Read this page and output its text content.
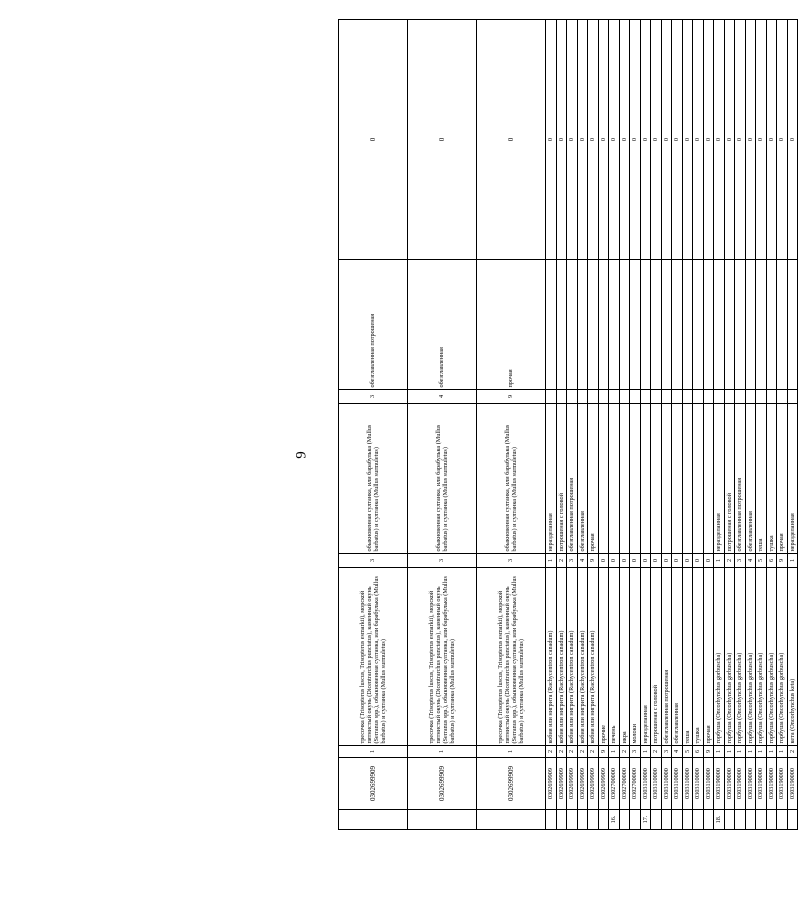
9
	0302699909	1	тресочка (Trisopterus luscus, Trisopterus esmarkii), морской пятнистый окунь (Dicentrarchus punctatus), каменный окунь (Serranus spp.), обыкновенная султанка, или барабулька (Mullus barbatus) и султанка (Mullus surmuletus)	3	обыкновенная султанка, или барабулька (Mullus barbatus) и султанка (Mullus surmuletus)	3	обезглавленная потрошеная	0
	0302699909	1	тресочка (Trisopterus luscus, Trisopterus esmarkii), морской пятнистый окунь (Dicentrarchus punctatus), каменный окунь (Serranus spp.), обыкновенная султанка, или барабулька (Mullus barbatus) и султанка (Mullus surmuletus)	3	обыкновенная султанка, или барабулька (Mullus barbatus) и султанка (Mullus surmuletus)	4	обезглавленная	0
	0302699909	1	тресочка (Trisopterus luscus, Trisopterus esmarkii), морской пятнистый окунь (Dicentrarchus punctatus), каменный окунь (Serranus spp.), обыкновенная султанка, или барабулька (Mullus barbatus) и султанка (Mullus surmuletus)	3	обыкновенная султанка, или барабулька (Mullus barbatus) и султанка (Mullus surmuletus)	9	прочая	0
	0302699909	2	кобия или нигрита (Rachycentron canadum)	1	неразделанная			0
	0302699909	2	кобия или нигрита (Rachycentron canadum)	2	потрошеная с головой			0
	0302699909	2	кобия или нигрита (Rachycentron canadum)	3	обезглавленная потрошеная			0
	0302699909	2	кобия или нигрита (Rachycentron canadum)	4	обезглавленная			0
	0302699909	2	кобия или нигрита (Rachycentron canadum)	9	прочая			0
	0302699909	9	прочие	0				0
16.	0302700000	1	печень	0				0
	0302700000	2	икра	0				0
	0302700000	3	молоки	0				0
17.	0303110000	1	неразделанная	0				0
	0303110000	2	потрошеная с головой	0				0
	0303110000	3	обезглавленная потрошеная	0				0
	0303110000	4	обезглавленная	0				0
	0303110000	5	теша	0				0
	0303110000	6	тушка	0				0
	0303110000	9	прочая	0				0
18.	0303190000	1	горбуша (Oncorhynchus gorbuscha)	1	неразделанная			0
	0303190000	1	горбуша (Oncorhynchus gorbuscha)	2	потрошеная с головой			0
	0303190000	1	горбуша (Oncorhynchus gorbuscha)	3	обезглавленная потрошеная			0
	0303190000	1	горбуша (Oncorhynchus gorbuscha)	4	обезглавленная			0
	0303190000	1	горбуша (Oncorhynchus gorbuscha)	5	теша			0
	0303190000	1	горбуша (Oncorhynchus gorbuscha)	6	тушка			0
	0303190000	1	горбуша (Oncorhynchus gorbuscha)	9	прочая			0
	0303190000	2	кета (Oncorhynchus keta)	1	неразделанная			0
